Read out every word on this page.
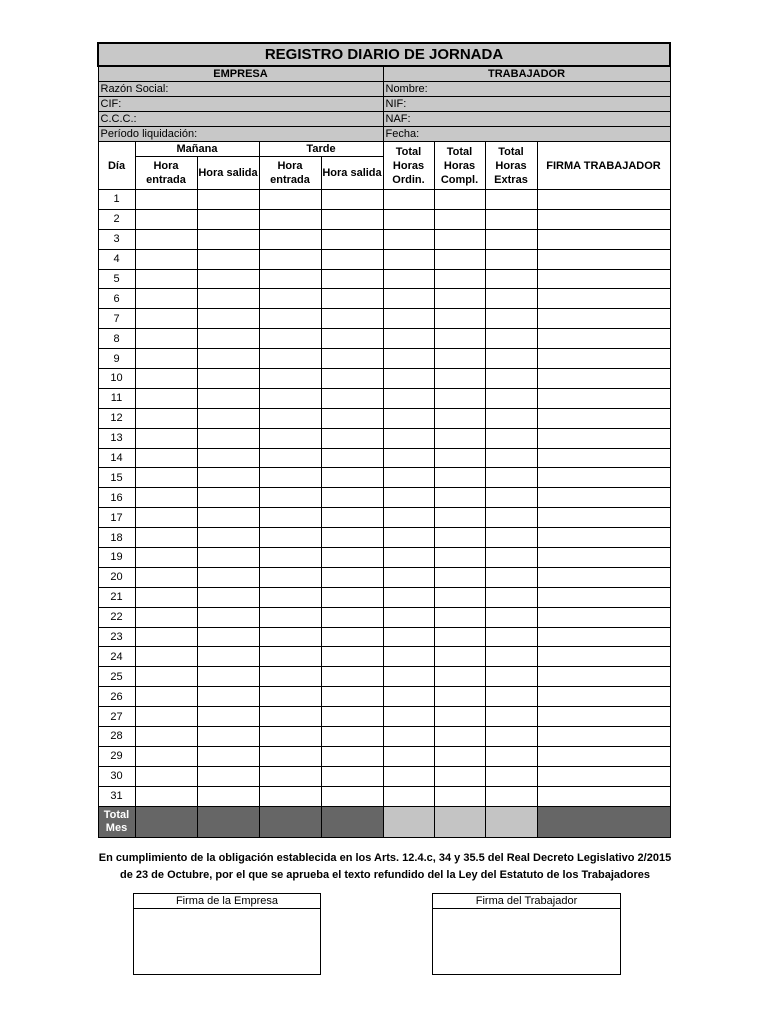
REGISTRO DIARIO DE JORNADA								
EMPRESA					TRABAJADOR			
Razón Social:					Nombre:			
CIF:					NIF:			
C.C.C.:					NAF:			
Período liquidación:					Fecha:			
Día	Mañana		Tarde		Total Horas Ordin.	Total Horas Compl.	Total Horas Extras	FIRMA TRABAJADOR
	Hora entrada	Hora salida	Hora entrada	Hora salida				
1								
2								
3								
4								
5								
6								
7								
8								
9								
10								
11								
12								
13								
14								
15								
16								
17								
18								
19								
20								
21								
22								
23								
24								
25								
26								
27								
28								
29								
30								
31								
Total Mes								
En cumplimiento de la obligación establecida en los Arts. 12.4.c, 34 y 35.5 del Real Decreto Legislativo 2/2015
de 23 de Octubre, por el que se aprueba el texto refundido del la Ley del Estatuto de los Trabajadores
Firma de la Empresa	Firma del Trabajador
